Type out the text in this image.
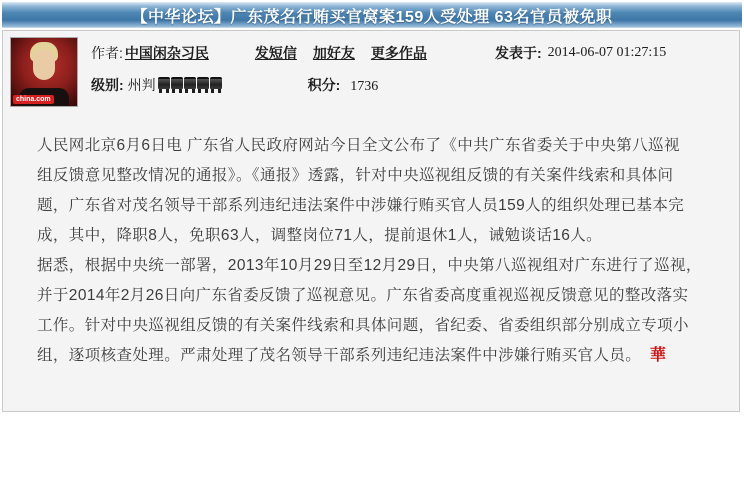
【中华论坛】广东茂名行贿买官窝案159人受处理 63名官员被免职
china.com
作者: 中国闲杂习民	发短信 加好友 更多作品	发表于: 2014-06-07 01:27:15
级别: 州判	积分: 1736
人民网北京6月6日电 广东省人民政府网站今日全文公布了《中共广东省委关于中央第八巡视
组反馈意见整改情况的通报》。《通报》透露，针对中央巡视组反馈的有关案件线索和具体问
题，广东省对茂名领导干部系列违纪违法案件中涉嫌行贿买官人员159人的组织处理已基本完
成，其中，降职8人，免职63人，调整岗位71人，提前退休1人，诫勉谈话16人。
据悉，根据中央统一部署，2013年10月29日至12月29日，中央第八巡视组对广东进行了巡视，
并于2014年2月26日向广东省委反馈了巡视意见。广东省委高度重视巡视反馈意见的整改落实
工作。针对中央巡视组反馈的有关案件线索和具体问题，省纪委、省委组织部分别成立专项小
组，逐项核查处理。严肃处理了茂名领导干部系列违纪违法案件中涉嫌行贿买官人员。 華
